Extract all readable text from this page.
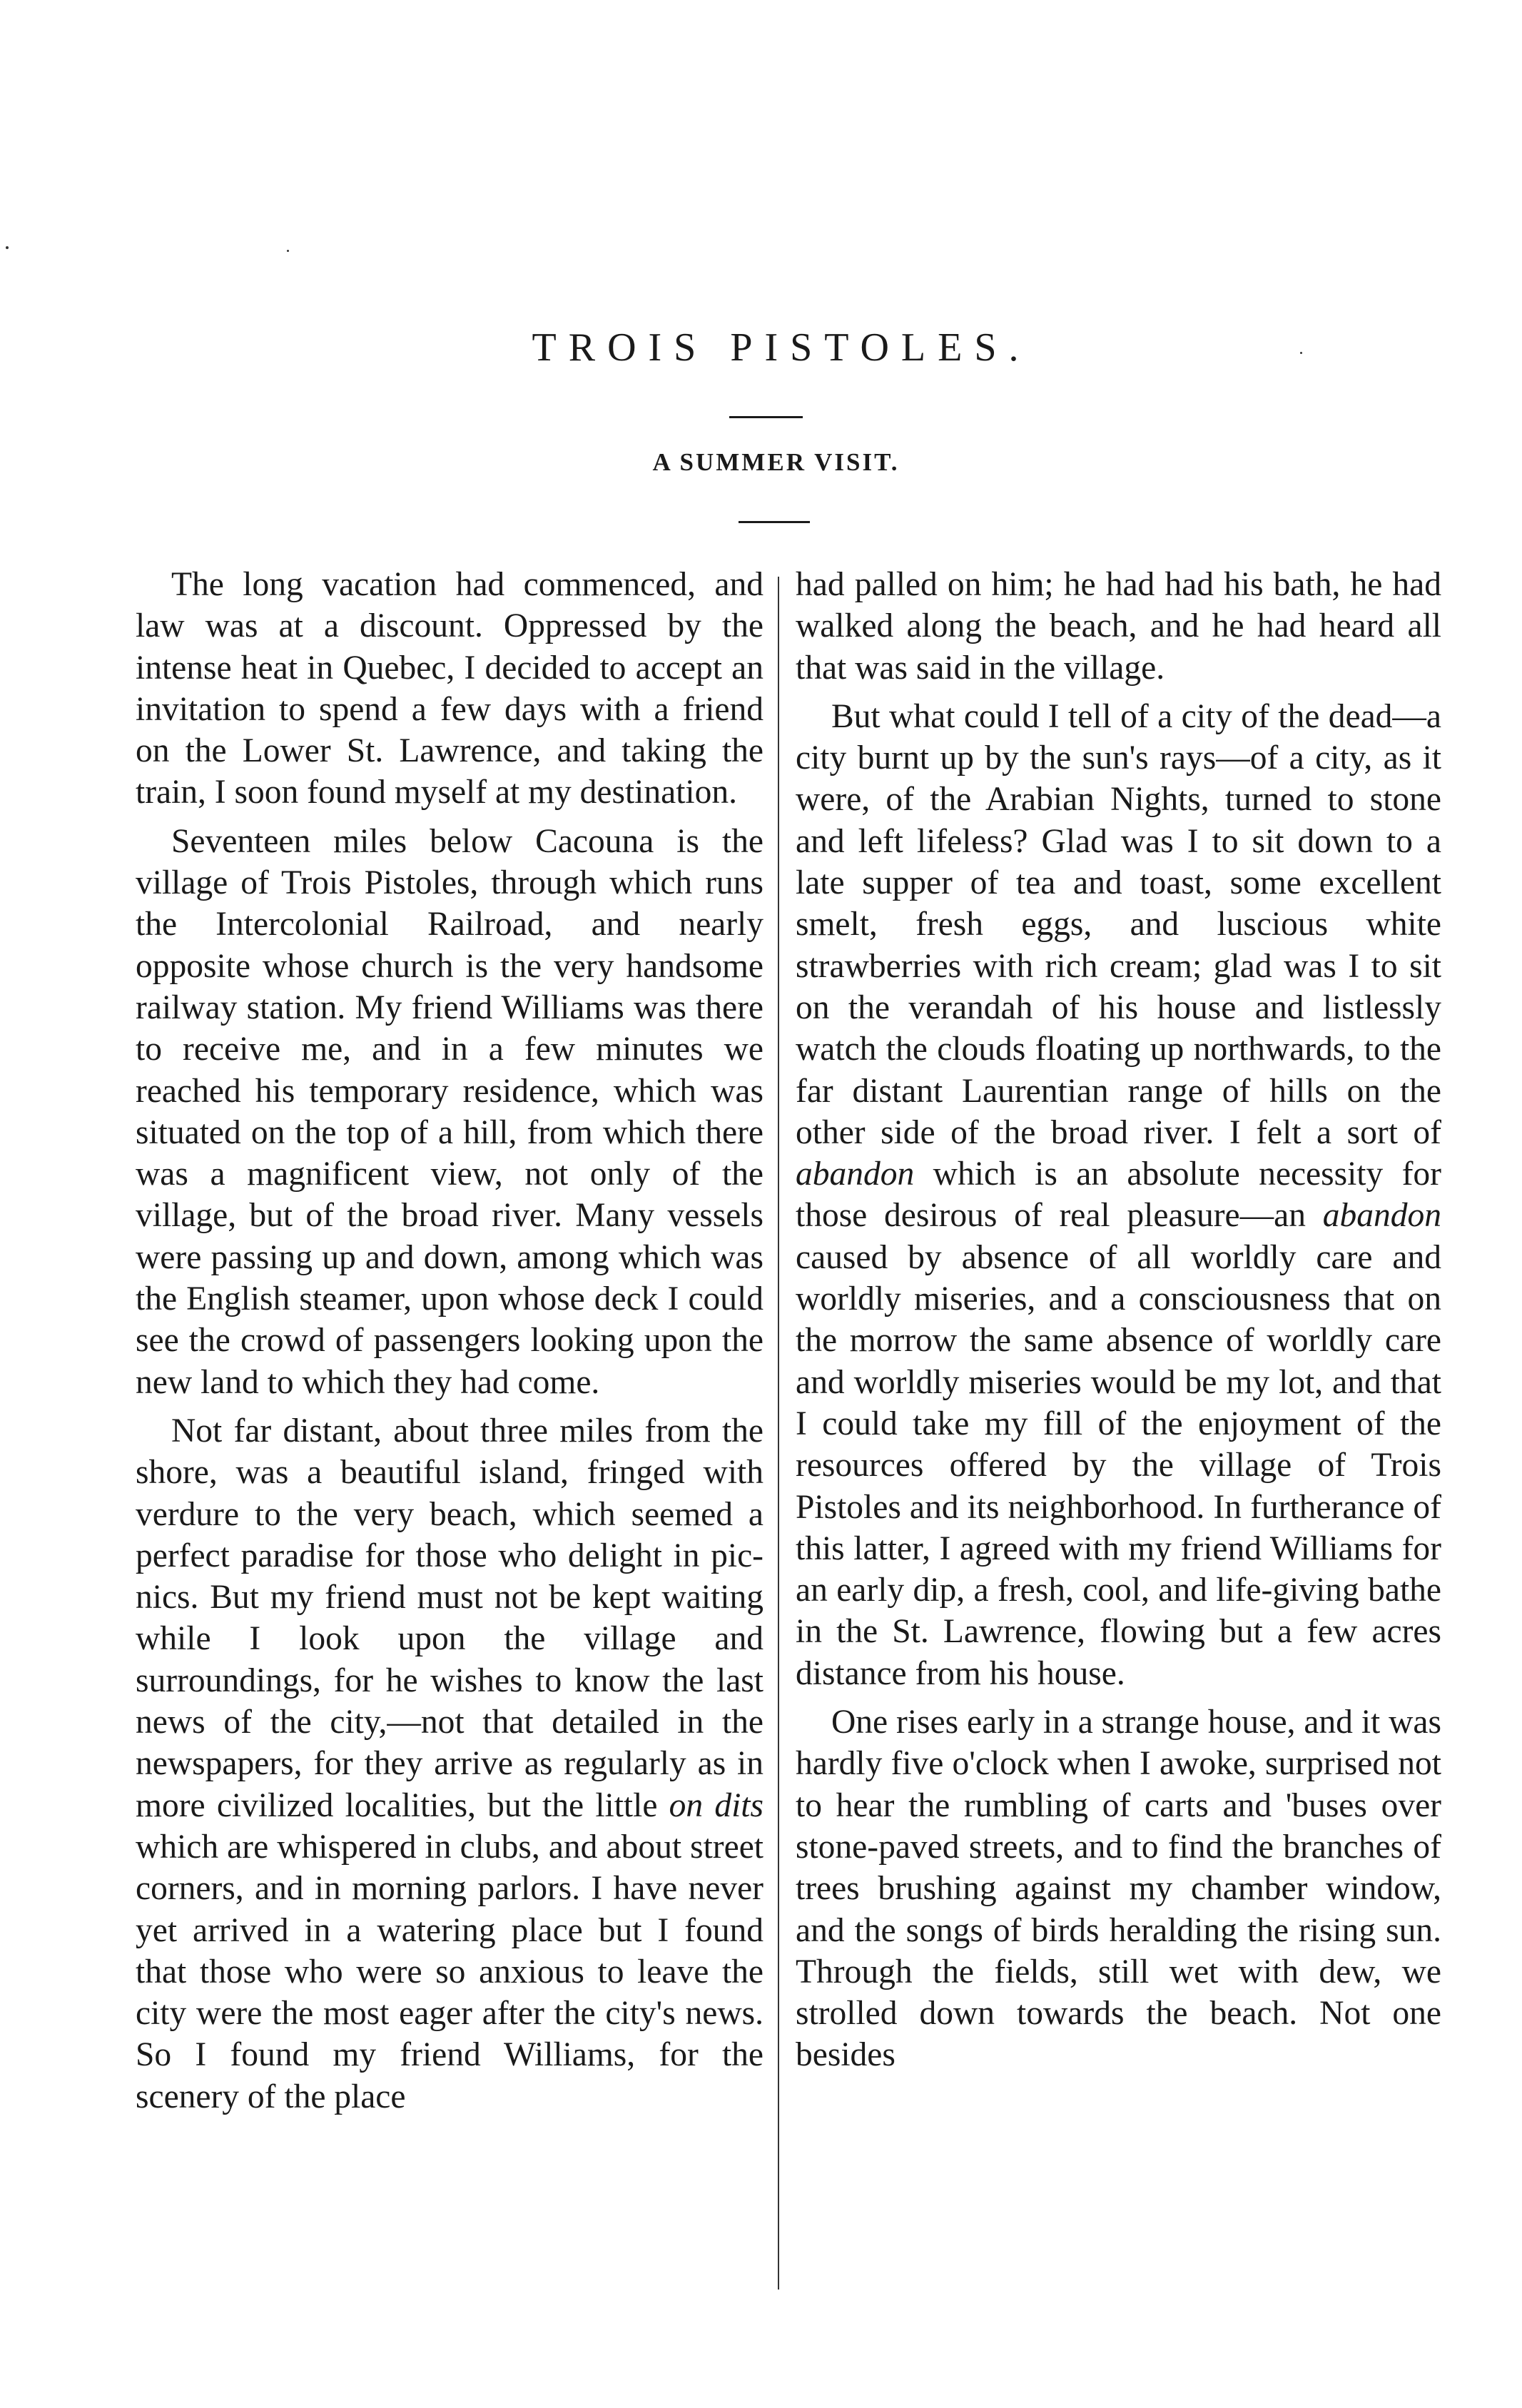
TROIS PISTOLES.
A SUMMER VISIT.

The long vacation had commenced, and law was at a discount. Oppressed by the intense heat in Quebec, I decided to accept an invitation to spend a few days with a friend on the Lower St. Lawrence, and taking the train, I soon found myself at my destination.

Seventeen miles below Cacouna is the village of Trois Pistoles, through which runs the Intercolonial Railroad, and nearly opposite whose church is the very handsome railway station. My friend Williams was there to receive me, and in a few minutes we reached his temporary residence, which was situated on the top of a hill, from which there was a magnificent view, not only of the village, but of the broad river. Many vessels were passing up and down, among which was the English steamer, upon whose deck I could see the crowd of passengers looking upon the new land to which they had come.

Not far distant, about three miles from the shore, was a beautiful island, fringed with verdure to the very beach, which seemed a perfect paradise for those who delight in pic-nics. But my friend must not be kept waiting while I look upon the village and surroundings, for he wishes to know the last news of the city,—not that detailed in the newspapers, for they arrive as regularly as in more civilized localities, but the little on dits which are whispered in clubs, and about street corners, and in morning parlors. I have never yet arrived in a watering place but I found that those who were so anxious to leave the city were the most eager after the city's news. So I found my friend Williams, for the scenery of the place

had palled on him; he had had his bath, he had walked along the beach, and he had heard all that was said in the village.

But what could I tell of a city of the dead—a city burnt up by the sun's rays—of a city, as it were, of the Arabian Nights, turned to stone and left lifeless? Glad was I to sit down to a late supper of tea and toast, some excellent smelt, fresh eggs, and luscious white strawberries with rich cream; glad was I to sit on the verandah of his house and listlessly watch the clouds floating up northwards, to the far distant Laurentian range of hills on the other side of the broad river. I felt a sort of abandon which is an absolute necessity for those desirous of real pleasure—an abandon caused by absence of all worldly care and worldly miseries, and a consciousness that on the morrow the same absence of worldly care and worldly miseries would be my lot, and that I could take my fill of the enjoyment of the resources offered by the village of Trois Pistoles and its neighborhood. In furtherance of this latter, I agreed with my friend Williams for an early dip, a fresh, cool, and life-giving bathe in the St. Lawrence, flowing but a few acres distance from his house.

One rises early in a strange house, and it was hardly five o'clock when I awoke, surprised not to hear the rumbling of carts and 'buses over stone-paved streets, and to find the branches of trees brushing against my chamber window, and the songs of birds heralding the rising sun. Through the fields, still wet with dew, we strolled down towards the beach. Not one besides
